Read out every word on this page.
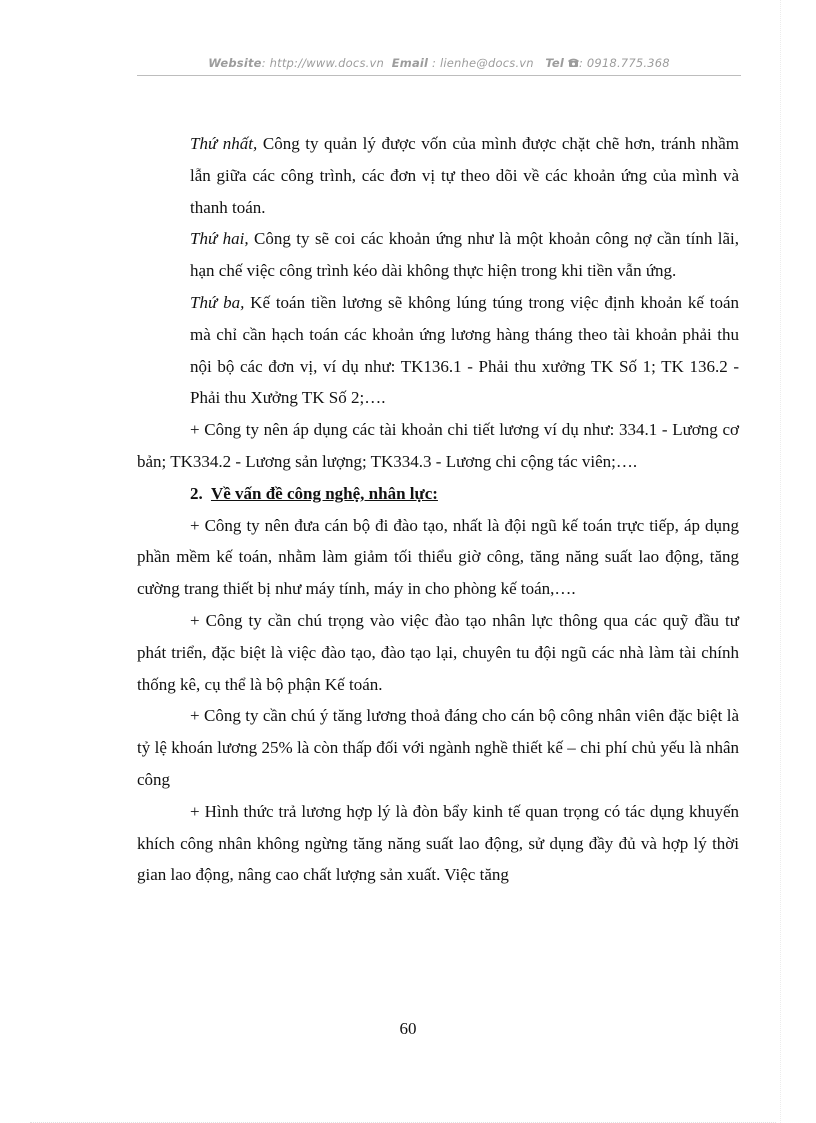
Website: http://www.docs.vn Email : lienhe@docs.vn Tel : 0918.775.368

Thứ nhất, Công ty quản lý được vốn của mình được chặt chẽ hơn, tránh nhầm lẫn giữa các công trình, các đơn vị tự theo dõi về các khoản ứng của mình và thanh toán.

Thứ hai, Công ty sẽ coi các khoản ứng như là một khoản công nợ cần tính lãi, hạn chế việc công trình kéo dài không thực hiện trong khi tiền vẫn ứng.

Thứ ba, Kế toán tiền lương sẽ không lúng túng trong việc định khoản kế toán mà chỉ cần hạch toán các khoản ứng lương hàng tháng theo tài khoản phải thu nội bộ các đơn vị, ví dụ như: TK136.1 - Phải thu xưởng TK Số 1; TK 136.2 - Phải thu Xưởng TK Số 2;….

+ Công ty nên áp dụng các tài khoản chi tiết lương ví dụ như: 334.1 - Lương cơ bản; TK334.2 - Lương sản lượng; TK334.3 - Lương chi cộng tác viên;….

2. Về vấn đề công nghệ, nhân lực:

+ Công ty nên đưa cán bộ đi đào tạo, nhất là đội ngũ kế toán trực tiếp, áp dụng phần mềm kế toán, nhằm làm giảm tối thiểu giờ công, tăng năng suất lao động, tăng cường trang thiết bị như máy tính, máy in cho phòng kế toán,….

+ Công ty cần chú trọng vào việc đào tạo nhân lực thông qua các quỹ đầu tư phát triển, đặc biệt là việc đào tạo, đào tạo lại, chuyên tu đội ngũ các nhà làm tài chính thống kê, cụ thể là bộ phận Kế toán.

+ Công ty cần chú ý tăng lương thoả đáng cho cán bộ công nhân viên đặc biệt là tỷ lệ khoán lương 25% là còn thấp đối với ngành nghề thiết kế – chi phí chủ yếu là nhân công

+ Hình thức trả lương hợp lý là đòn bẩy kinh tế quan trọng có tác dụng khuyến khích công nhân không ngừng tăng năng suất lao động, sử dụng đầy đủ và hợp lý thời gian lao động, nâng cao chất lượng sản xuất. Việc tăng

60
